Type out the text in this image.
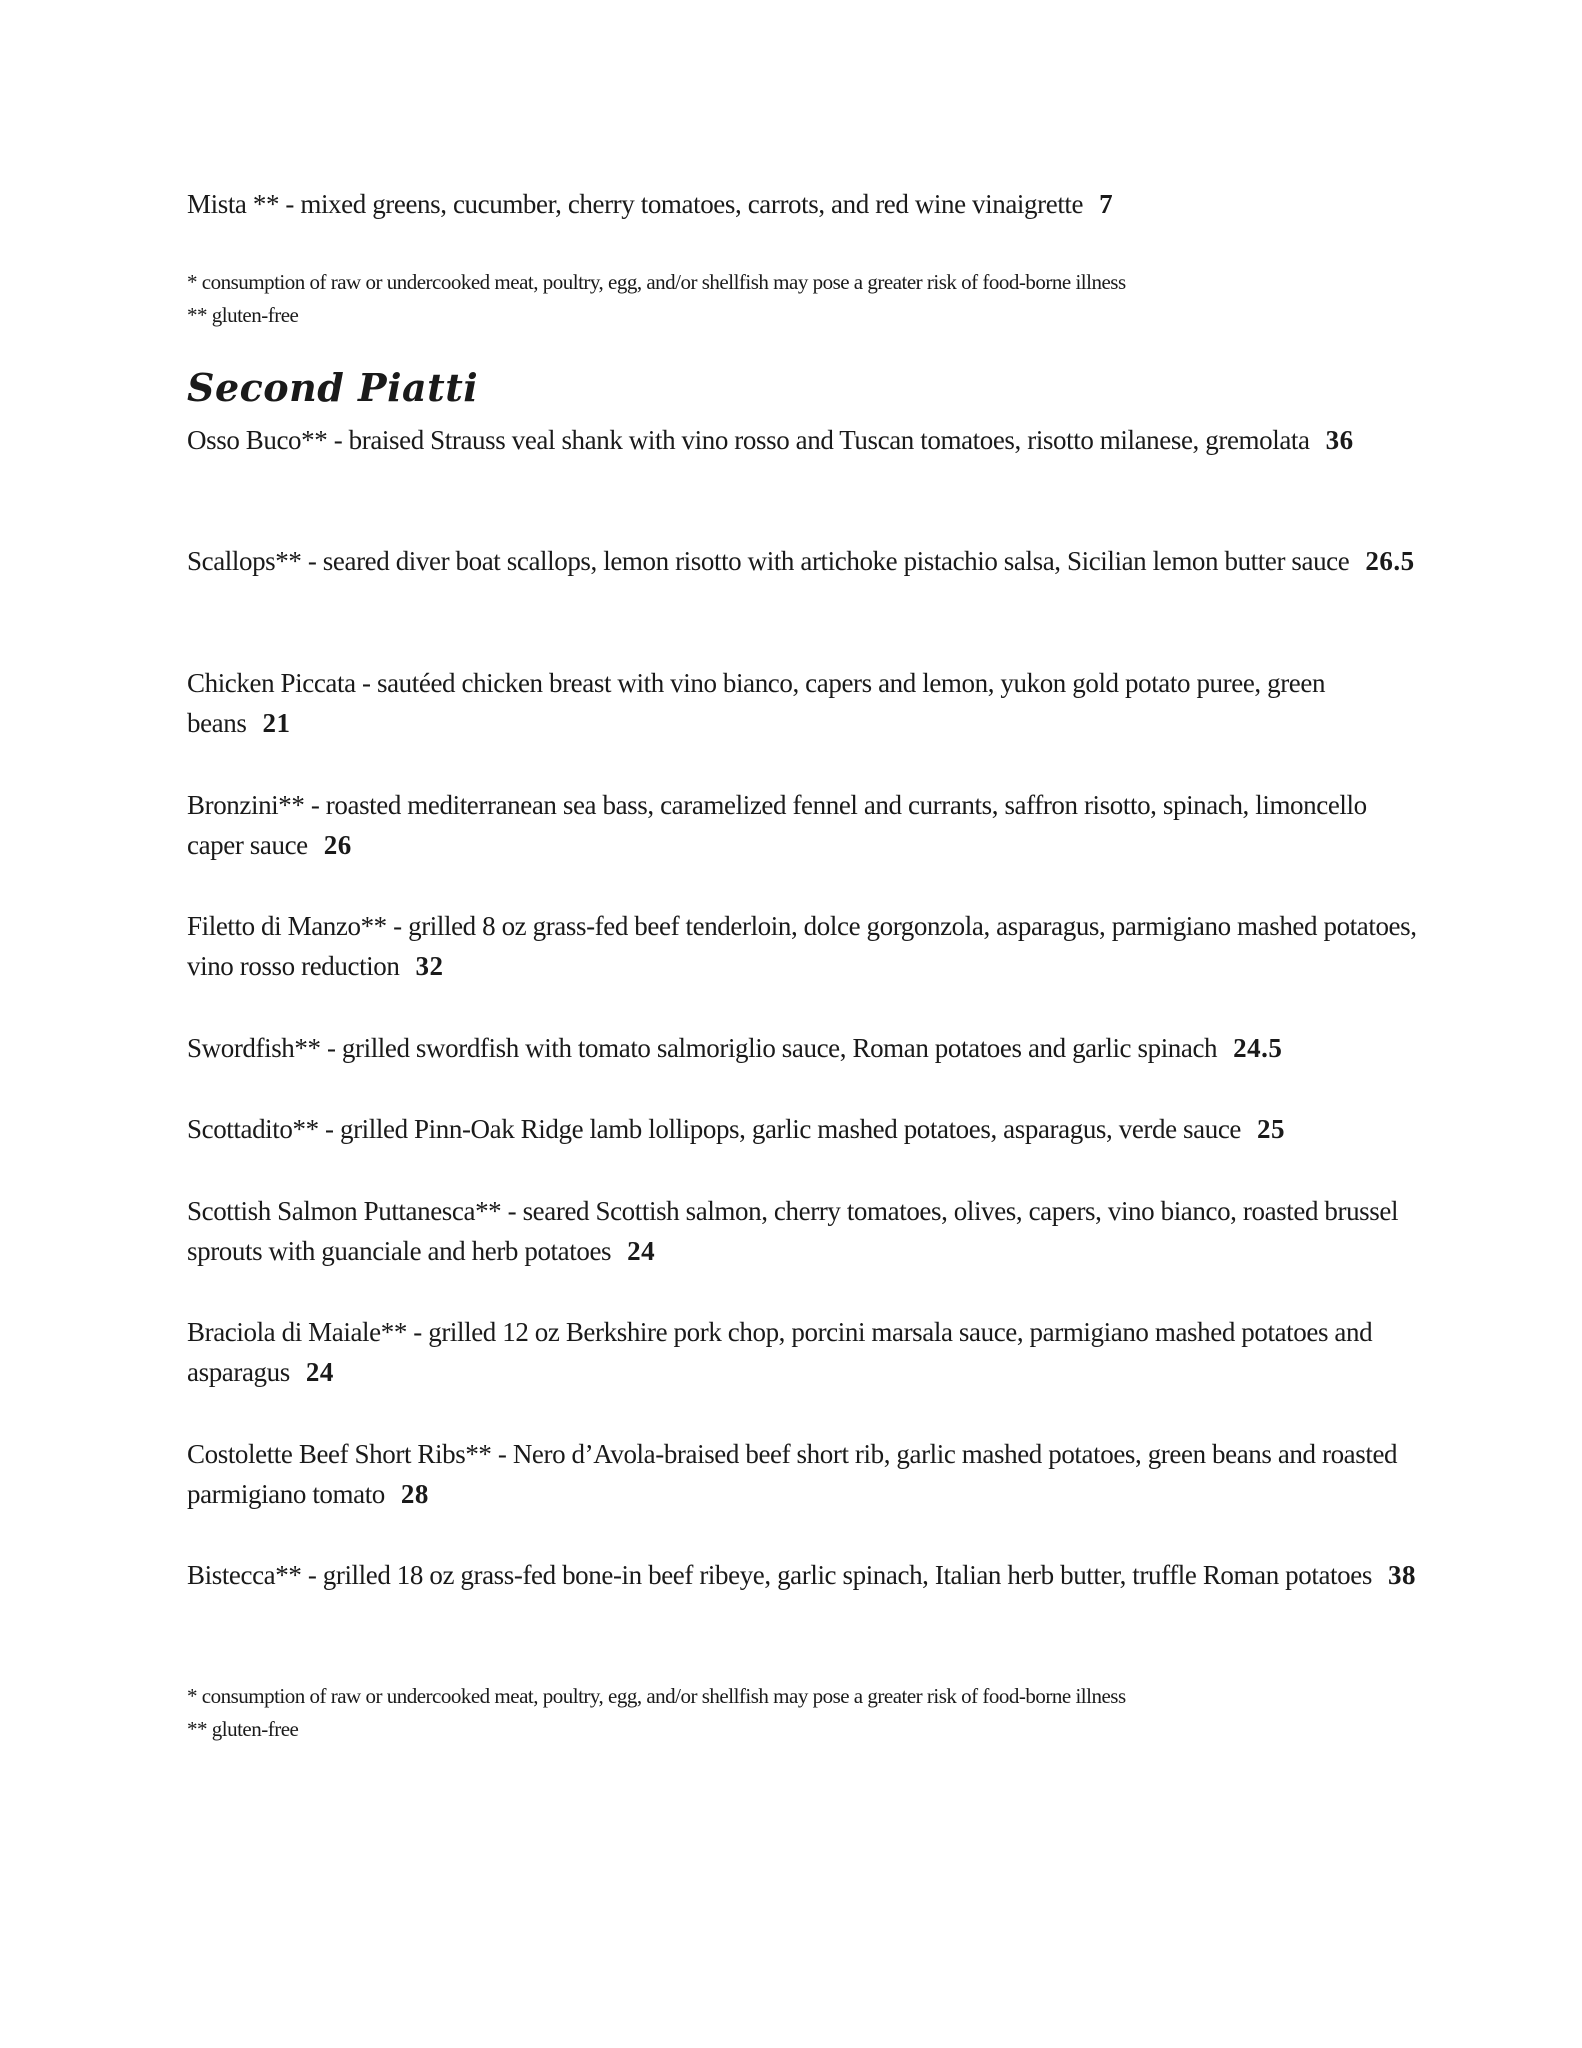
Mista ** - mixed greens, cucumber, cherry tomatoes, carrots, and red wine vinaigrette 7
* consumption of raw or undercooked meat, poultry, egg, and/or shellfish may pose a greater risk of food-borne illness
** gluten-free
Second Piatti
Osso Buco** - braised Strauss veal shank with vino rosso and Tuscan tomatoes, risotto milanese, gremolata 36
Scallops** - seared diver boat scallops, lemon risotto with artichoke pistachio salsa, Sicilian lemon butter sauce 26.5
Chicken Piccata - sautéed chicken breast with vino bianco, capers and lemon, yukon gold potato puree, green beans 21
Bronzini** - roasted mediterranean sea bass, caramelized fennel and currants, saffron risotto, spinach, limoncello caper sauce 26
Filetto di Manzo** - grilled 8 oz grass-fed beef tenderloin, dolce gorgonzola, asparagus, parmigiano mashed potatoes, vino rosso reduction 32
Swordfish** - grilled swordfish with tomato salmoriglio sauce, Roman potatoes and garlic spinach 24.5
Scottadito** - grilled Pinn-Oak Ridge lamb lollipops, garlic mashed potatoes, asparagus, verde sauce 25
Scottish Salmon Puttanesca** - seared Scottish salmon, cherry tomatoes, olives, capers, vino bianco, roasted brussel sprouts with guanciale and herb potatoes 24
Braciola di Maiale** - grilled 12 oz Berkshire pork chop, porcini marsala sauce, parmigiano mashed potatoes and asparagus 24
Costolette Beef Short Ribs** - Nero d’Avola-braised beef short rib, garlic mashed potatoes, green beans and roasted parmigiano tomato 28
Bistecca** - grilled 18 oz grass-fed bone-in beef ribeye, garlic spinach, Italian herb butter, truffle Roman potatoes 38
* consumption of raw or undercooked meat, poultry, egg, and/or shellfish may pose a greater risk of food-borne illness
** gluten-free
